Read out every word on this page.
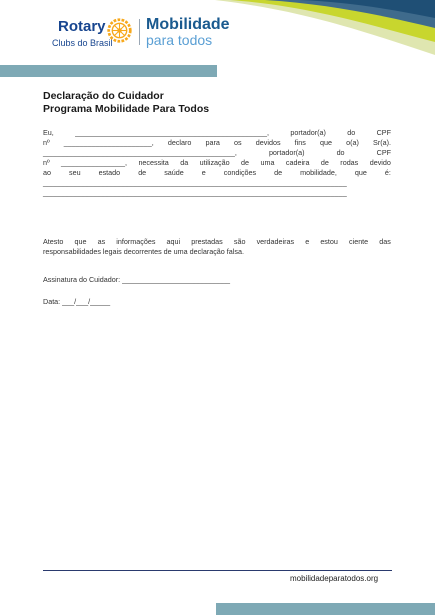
Rotary
Clubs do Brasil
Mobilidade
para todos
Declaração do Cuidador
Programa Mobilidade Para Todos
Eu,	________________________________________________,	portador(a)	do	CPF
nº ______________________, declaro para os devidos fins que o(a) Sr(a).
________________________________________________,	portador(a)	do	CPF
nº ________________, necessita da utilização de uma cadeira de rodas devido
ao	seu	estado	de	saúde	e	condições	de	mobilidade,	que	é:
____________________________________________________________________________
____________________________________________________________________________
Atesto que as informações aqui prestadas são verdadeiras e estou ciente das
responsabilidades legais decorrentes de uma declaração falsa.
Assinatura do Cuidador: ___________________________
Data: ___/___/_____
mobilidadeparatodos.org
